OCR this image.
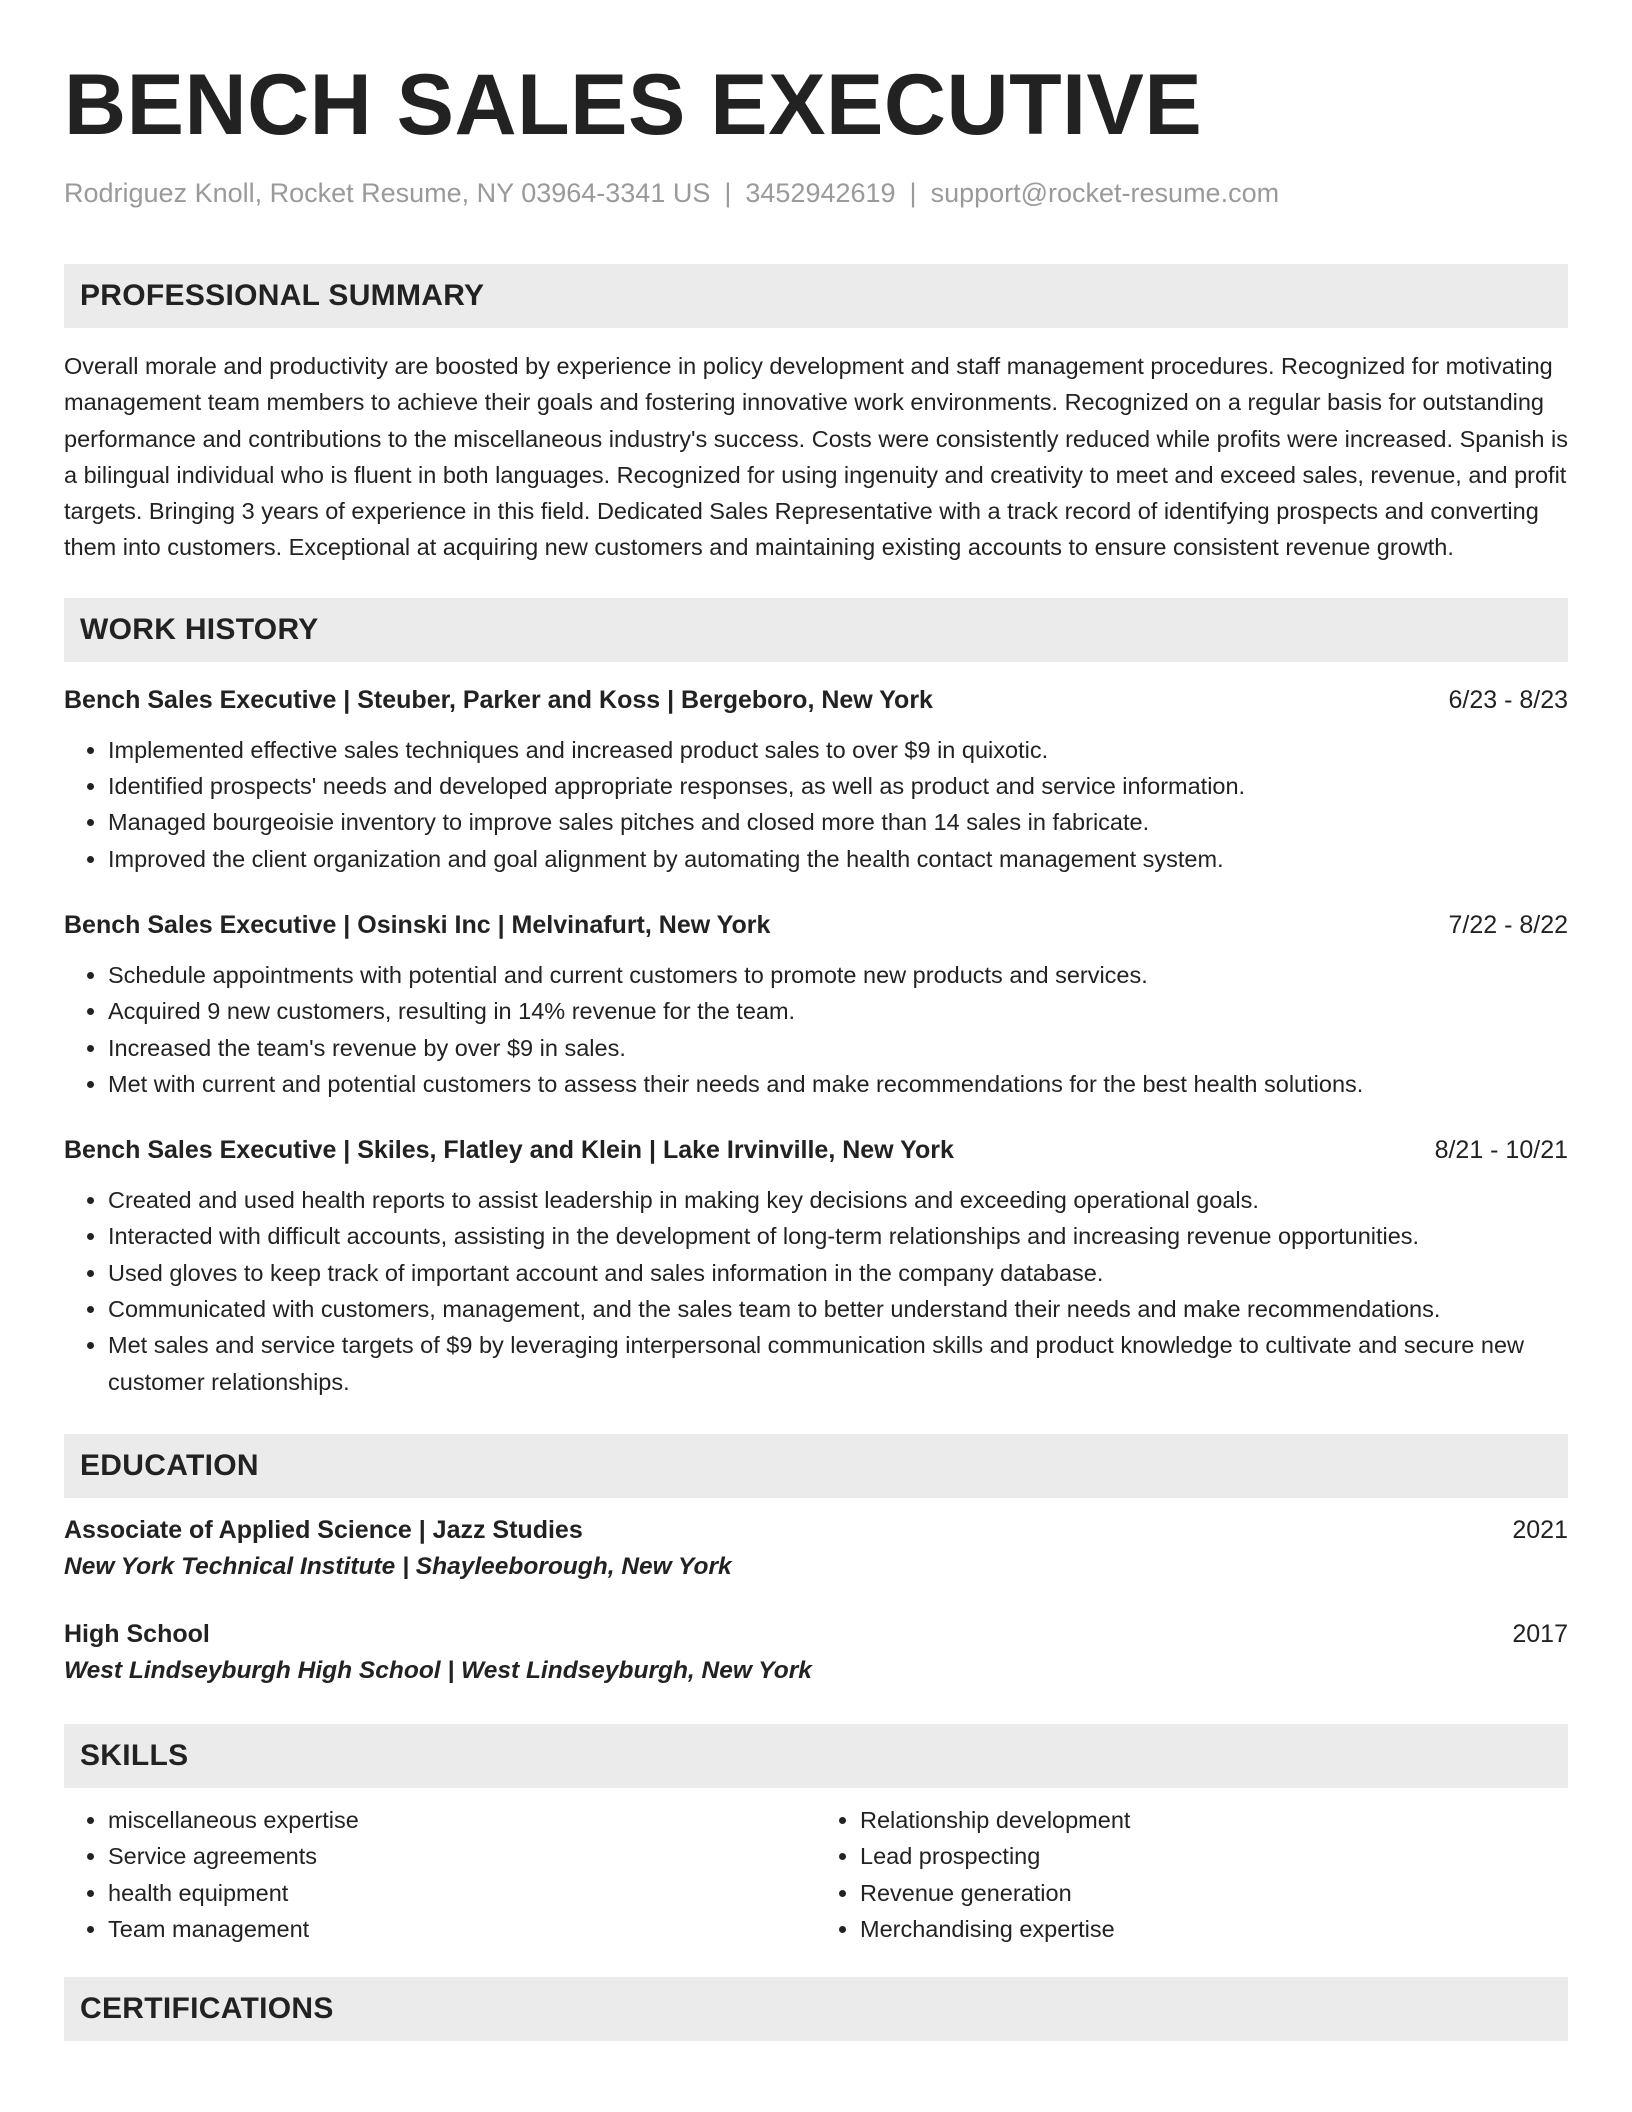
BENCH SALES EXECUTIVE
Rodriguez Knoll, Rocket Resume, NY 03964-3341 US | 3452942619 | support@rocket-resume.com
PROFESSIONAL SUMMARY

Overall morale and productivity are boosted by experience in policy development and staff management procedures. Recognized for motivating management team members to achieve their goals and fostering innovative work environments. Recognized on a regular basis for outstanding performance and contributions to the miscellaneous industry's success. Costs were consistently reduced while profits were increased. Spanish is a bilingual individual who is fluent in both languages. Recognized for using ingenuity and creativity to meet and exceed sales, revenue, and profit targets. Bringing 3 years of experience in this field. Dedicated Sales Representative with a track record of identifying prospects and converting them into customers. Exceptional at acquiring new customers and maintaining existing accounts to ensure consistent revenue growth.

WORK HISTORY
Bench Sales Executive | Steuber, Parker and Koss | Bergeboro, New York	6/23 - 8/23
• Implemented effective sales techniques and increased product sales to over $9 in quixotic.
• Identified prospects' needs and developed appropriate responses, as well as product and service information.
• Managed bourgeoisie inventory to improve sales pitches and closed more than 14 sales in fabricate.
• Improved the client organization and goal alignment by automating the health contact management system.
Bench Sales Executive | Osinski Inc | Melvinafurt, New York	7/22 - 8/22
• Schedule appointments with potential and current customers to promote new products and services.
• Acquired 9 new customers, resulting in 14% revenue for the team.
• Increased the team's revenue by over $9 in sales.
• Met with current and potential customers to assess their needs and make recommendations for the best health solutions.
Bench Sales Executive | Skiles, Flatley and Klein | Lake Irvinville, New York	8/21 - 10/21
• Created and used health reports to assist leadership in making key decisions and exceeding operational goals.
• Interacted with difficult accounts, assisting in the development of long-term relationships and increasing revenue opportunities.
• Used gloves to keep track of important account and sales information in the company database.
• Communicated with customers, management, and the sales team to better understand their needs and make recommendations.
• Met sales and service targets of $9 by leveraging interpersonal communication skills and product knowledge to cultivate and secure new customer relationships.
EDUCATION
Associate of Applied Science | Jazz Studies	2021
New York Technical Institute | Shayleeborough, New York
High School	2017
West Lindseyburgh High School | West Lindseyburgh, New York
SKILLS
• miscellaneous expertise
• Service agreements
• health equipment
• Team management
• Relationship development
• Lead prospecting
• Revenue generation
• Merchandising expertise
CERTIFICATIONS
